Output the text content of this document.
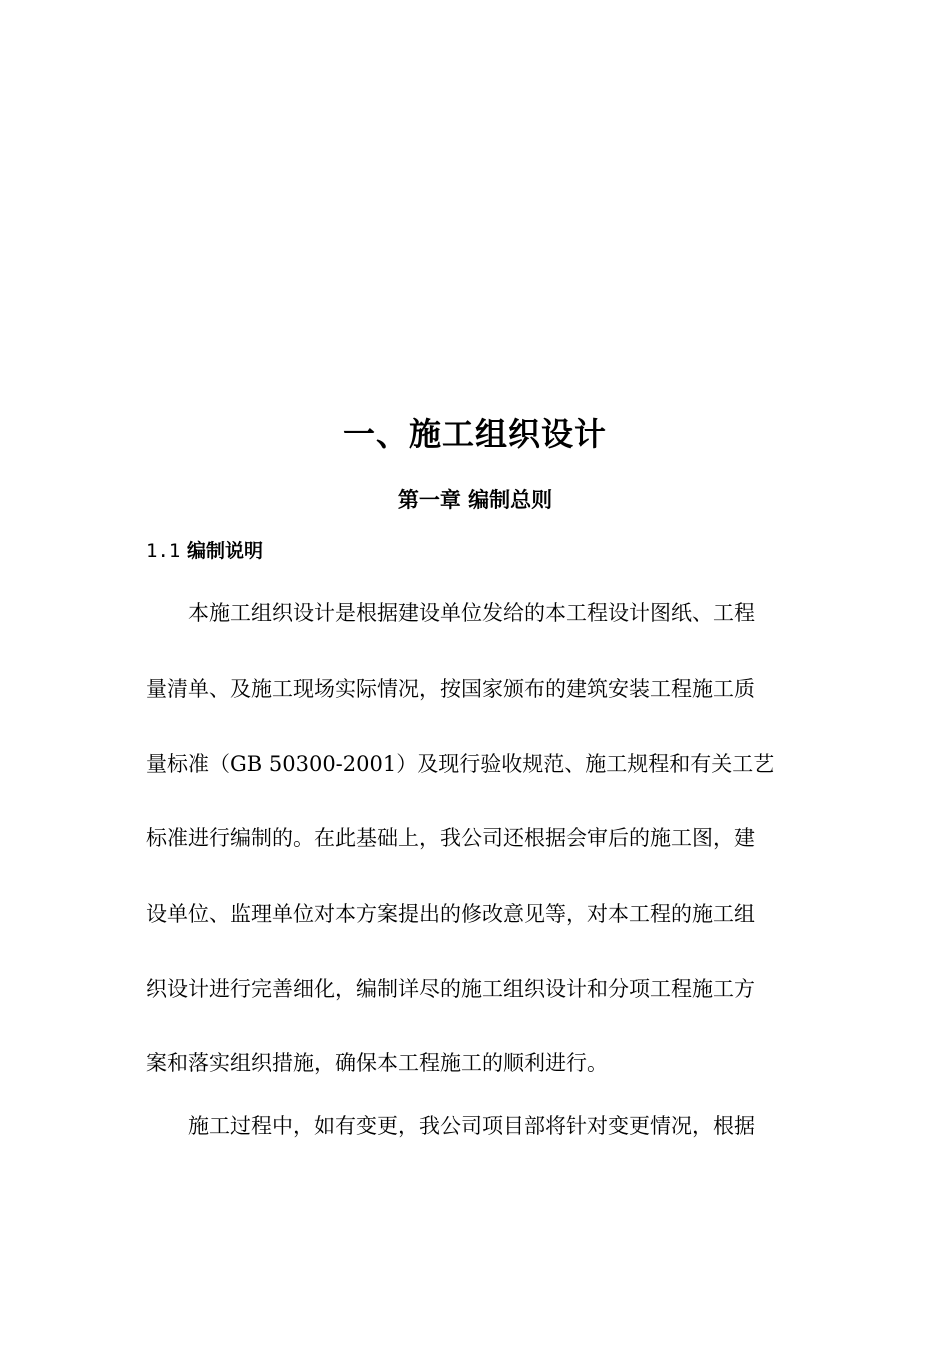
一、施工组织设计
第一章 编制总则
1.1 编制说明
　　本施工组织设计是根据建设单位发给的本工程设计图纸、工程
量清单、及施工现场实际情况，按国家颁布的建筑安装工程施工质
量标准（GB 50300-2001）及现行验收规范、施工规程和有关工艺
标准进行编制的。在此基础上，我公司还根据会审后的施工图，建
设单位、监理单位对本方案提出的修改意见等，对本工程的施工组
织设计进行完善细化，编制详尽的施工组织设计和分项工程施工方
案和落实组织措施，确保本工程施工的顺利进行。
　　施工过程中，如有变更，我公司项目部将针对变更情况，根据
